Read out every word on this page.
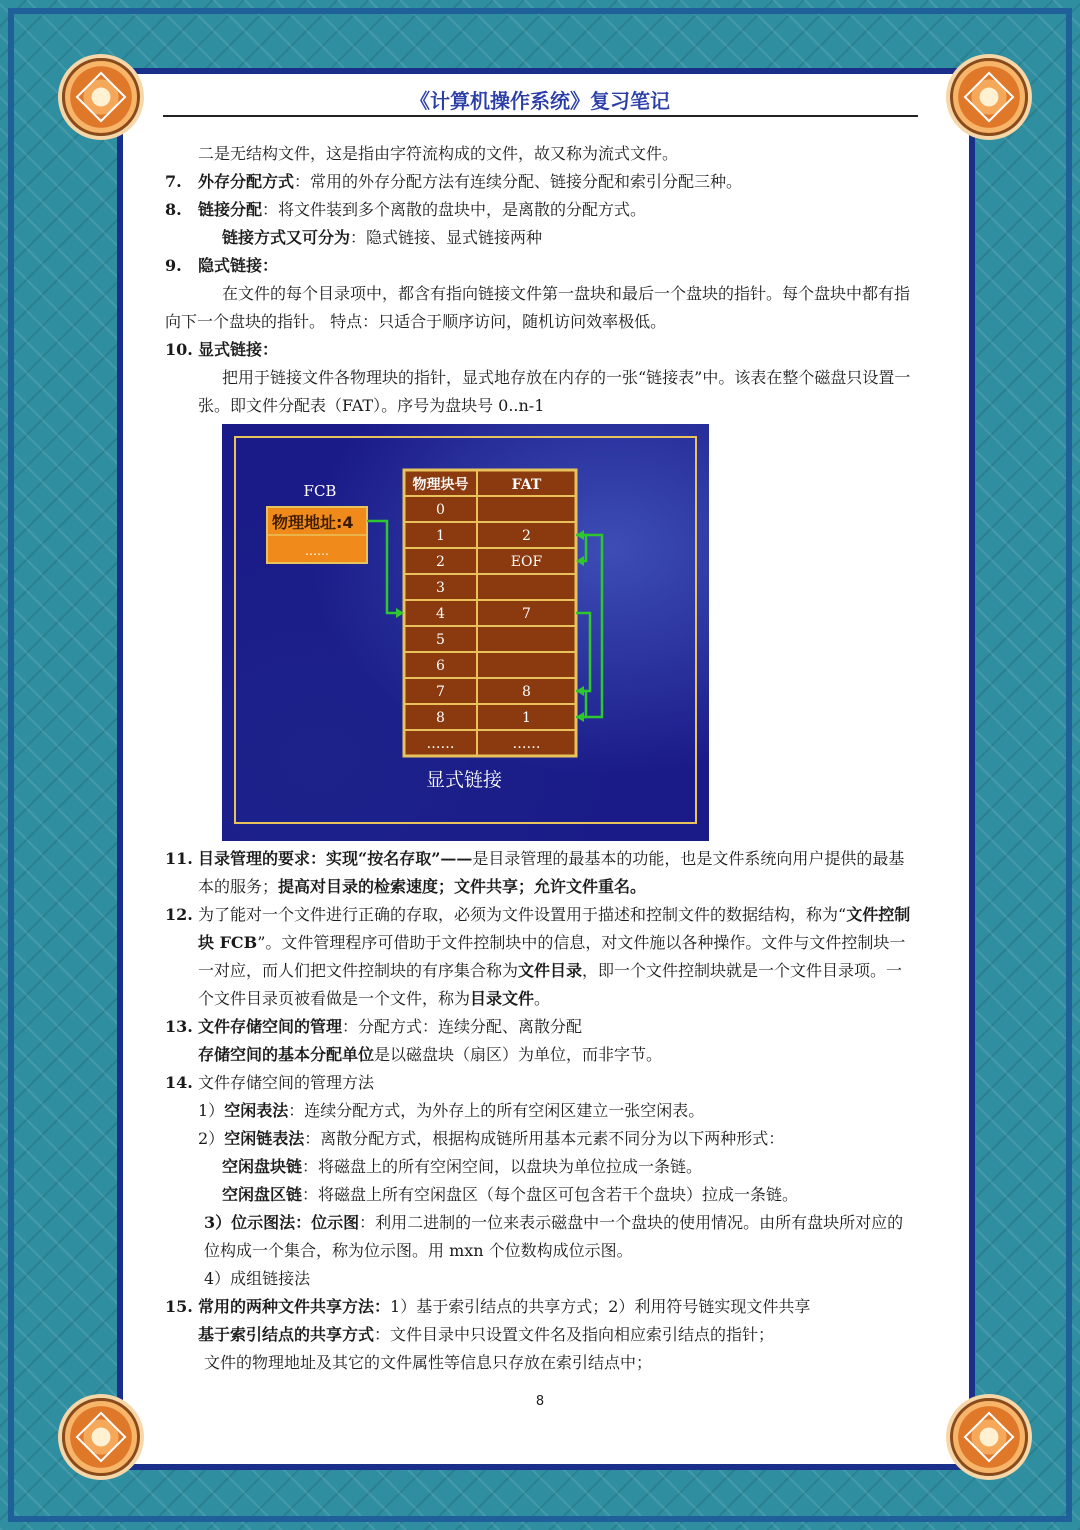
《计算机操作系统》复习笔记

二是无结构文件，这是指由字符流构成的文件，故又称为流式文件。

7. 外存分配方式：常用的外存分配方法有连续分配、链接分配和索引分配三种。

8. 链接分配：将文件装到多个离散的盘块中，是离散的分配方式。

链接方式又可分为：隐式链接、显式链接两种

9. 隐式链接：

在文件的每个目录项中，都含有指向链接文件第一盘块和最后一个盘块的指针。每个盘块中都有指向下一个盘块的指针。 特点：只适合于顺序访问，随机访问效率极低。

10. 显式链接：

把用于链接文件各物理块的指针，显式地存放在内存的一张“链接表”中。该表在整个磁盘只设置一张。即文件分配表（FAT）。序号为盘块号 0..n-1

FCB
物理地址:4
……
物理块号	FAT
0
1	2
2	EOF
3
4	7
5
6
7	8
8	1
……	……
显式链接

11. 目录管理的要求：实现“按名存取”——是目录管理的最基本的功能，也是文件系统向用户提供的最基本的服务；提高对目录的检索速度；文件共享；允许文件重名。

12. 为了能对一个文件进行正确的存取，必须为文件设置用于描述和控制文件的数据结构，称为“文件控制块 FCB”。文件管理程序可借助于文件控制块中的信息，对文件施以各种操作。文件与文件控制块一一对应，而人们把文件控制块的有序集合称为文件目录，即一个文件控制块就是一个文件目录项。一个文件目录页被看做是一个文件，称为目录文件。

13. 文件存储空间的管理：分配方式：连续分配、离散分配

存储空间的基本分配单位是以磁盘块（扇区）为单位，而非字节。

14. 文件存储空间的管理方法

1）空闲表法：连续分配方式，为外存上的所有空闲区建立一张空闲表。

2）空闲链表法：离散分配方式，根据构成链所用基本元素不同分为以下两种形式：

空闲盘块链：将磁盘上的所有空闲空间，以盘块为单位拉成一条链。

空闲盘区链：将磁盘上所有空闲盘区（每个盘区可包含若干个盘块）拉成一条链。

3）位示图法：位示图：利用二进制的一位来表示磁盘中一个盘块的使用情况。由所有盘块所对应的位构成一个集合，称为位示图。用 mxn 个位数构成位示图。

4）成组链接法

15. 常用的两种文件共享方法：1）基于索引结点的共享方式；2）利用符号链实现文件共享

基于索引结点的共享方式：文件目录中只设置文件名及指向相应索引结点的指针；

文件的物理地址及其它的文件属性等信息只存放在索引结点中；

8
